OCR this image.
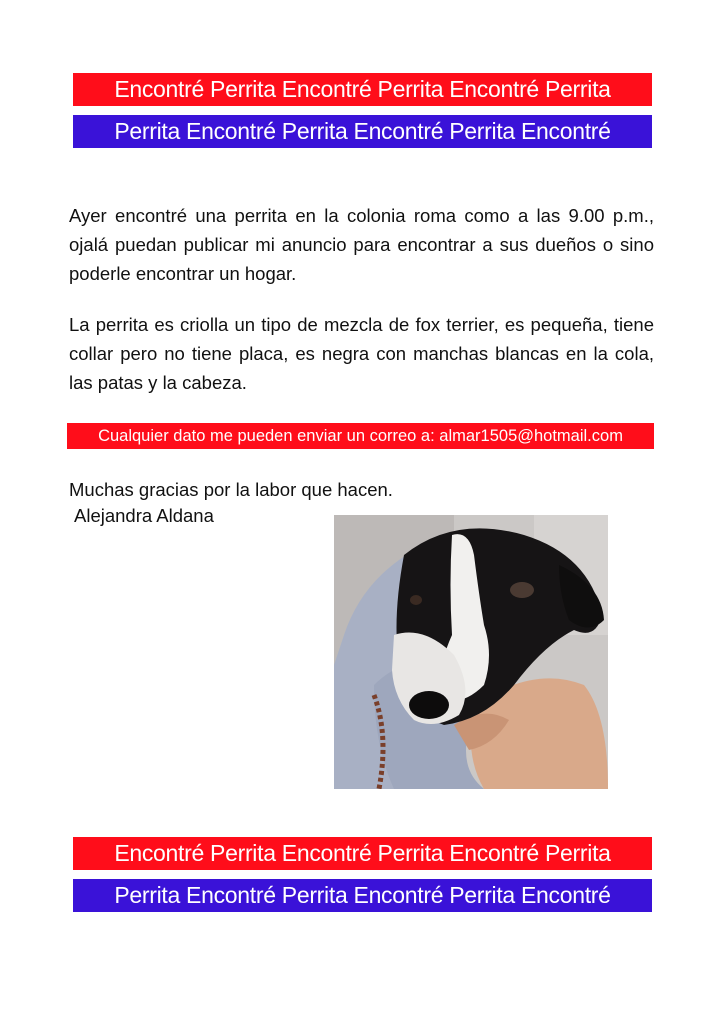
Encontré Perrita Encontré Perrita Encontré Perrita
Perrita Encontré Perrita Encontré Perrita Encontré

Ayer encontré una perrita en la colonia roma como a las 9.00 p.m., ojalá puedan publicar mi anuncio para encontrar a sus dueños o sino poderle encontrar un hogar.

La perrita es criolla un tipo de mezcla de fox terrier, es pequeña, tiene collar pero no tiene placa, es negra con manchas blancas en la cola, las patas y la cabeza.

Cualquier dato me pueden enviar un correo a: almar1505@hotmail.com
Muchas gracias por la labor que hacen.
Alejandra Aldana
Encontré Perrita Encontré Perrita Encontré Perrita
Perrita Encontré Perrita Encontré Perrita Encontré
